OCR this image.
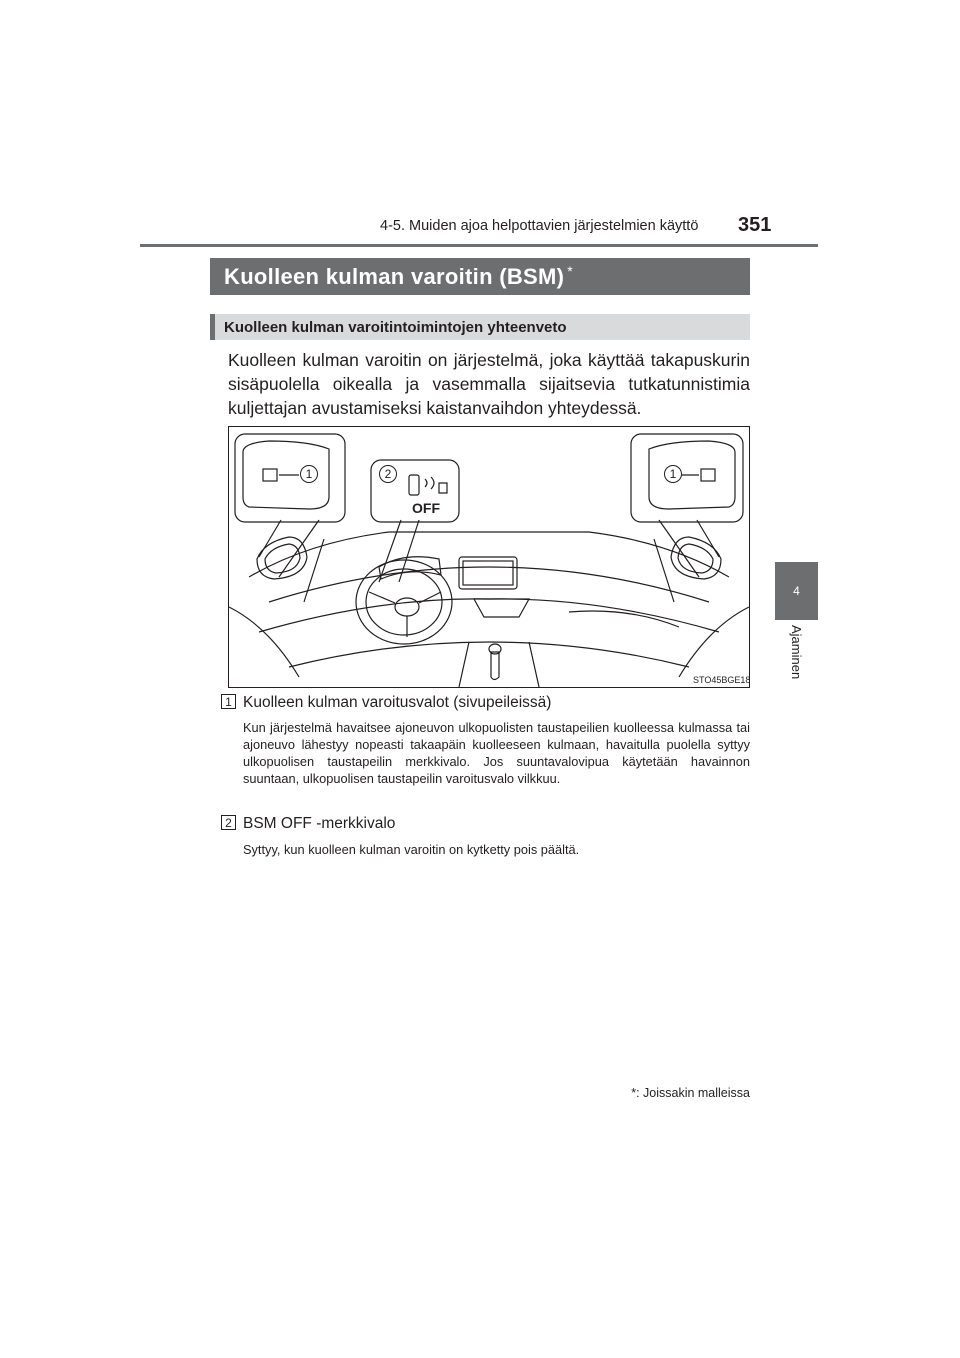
4-5. Muiden ajoa helpottavien järjestelmien käyttö 351
4
Ajaminen
Kuolleen kulman varoitin (BSM)*
Kuolleen kulman varoitintoimintojen yhteenveto
Kuolleen kulman varoitin on järjestelmä, joka käyttää takapuskurin sisäpuolella oikealla ja vasemmalla sijaitsevia tutkatunnistimia kuljettajan avustamiseksi kaistanvaihdon yhteydessä.
1	1
2
OFF
STO45BGE18
1 Kuolleen kulman varoitusvalot (sivupeileissä)
Kun järjestelmä havaitsee ajoneuvon ulkopuolisten taustapeilien kuolleessa kulmassa tai ajoneuvo lähestyy nopeasti takaapäin kuolleeseen kulmaan, havaitulla puolella syttyy ulkopuolisen taustapeilin merkkivalo. Jos suuntavalovipua käytetään havainnon suuntaan, ulkopuolisen taustapeilin varoitusvalo vilkkuu.
2 BSM OFF -merkkivalo
Syttyy, kun kuolleen kulman varoitin on kytketty pois päältä.
*: Joissakin malleissa
